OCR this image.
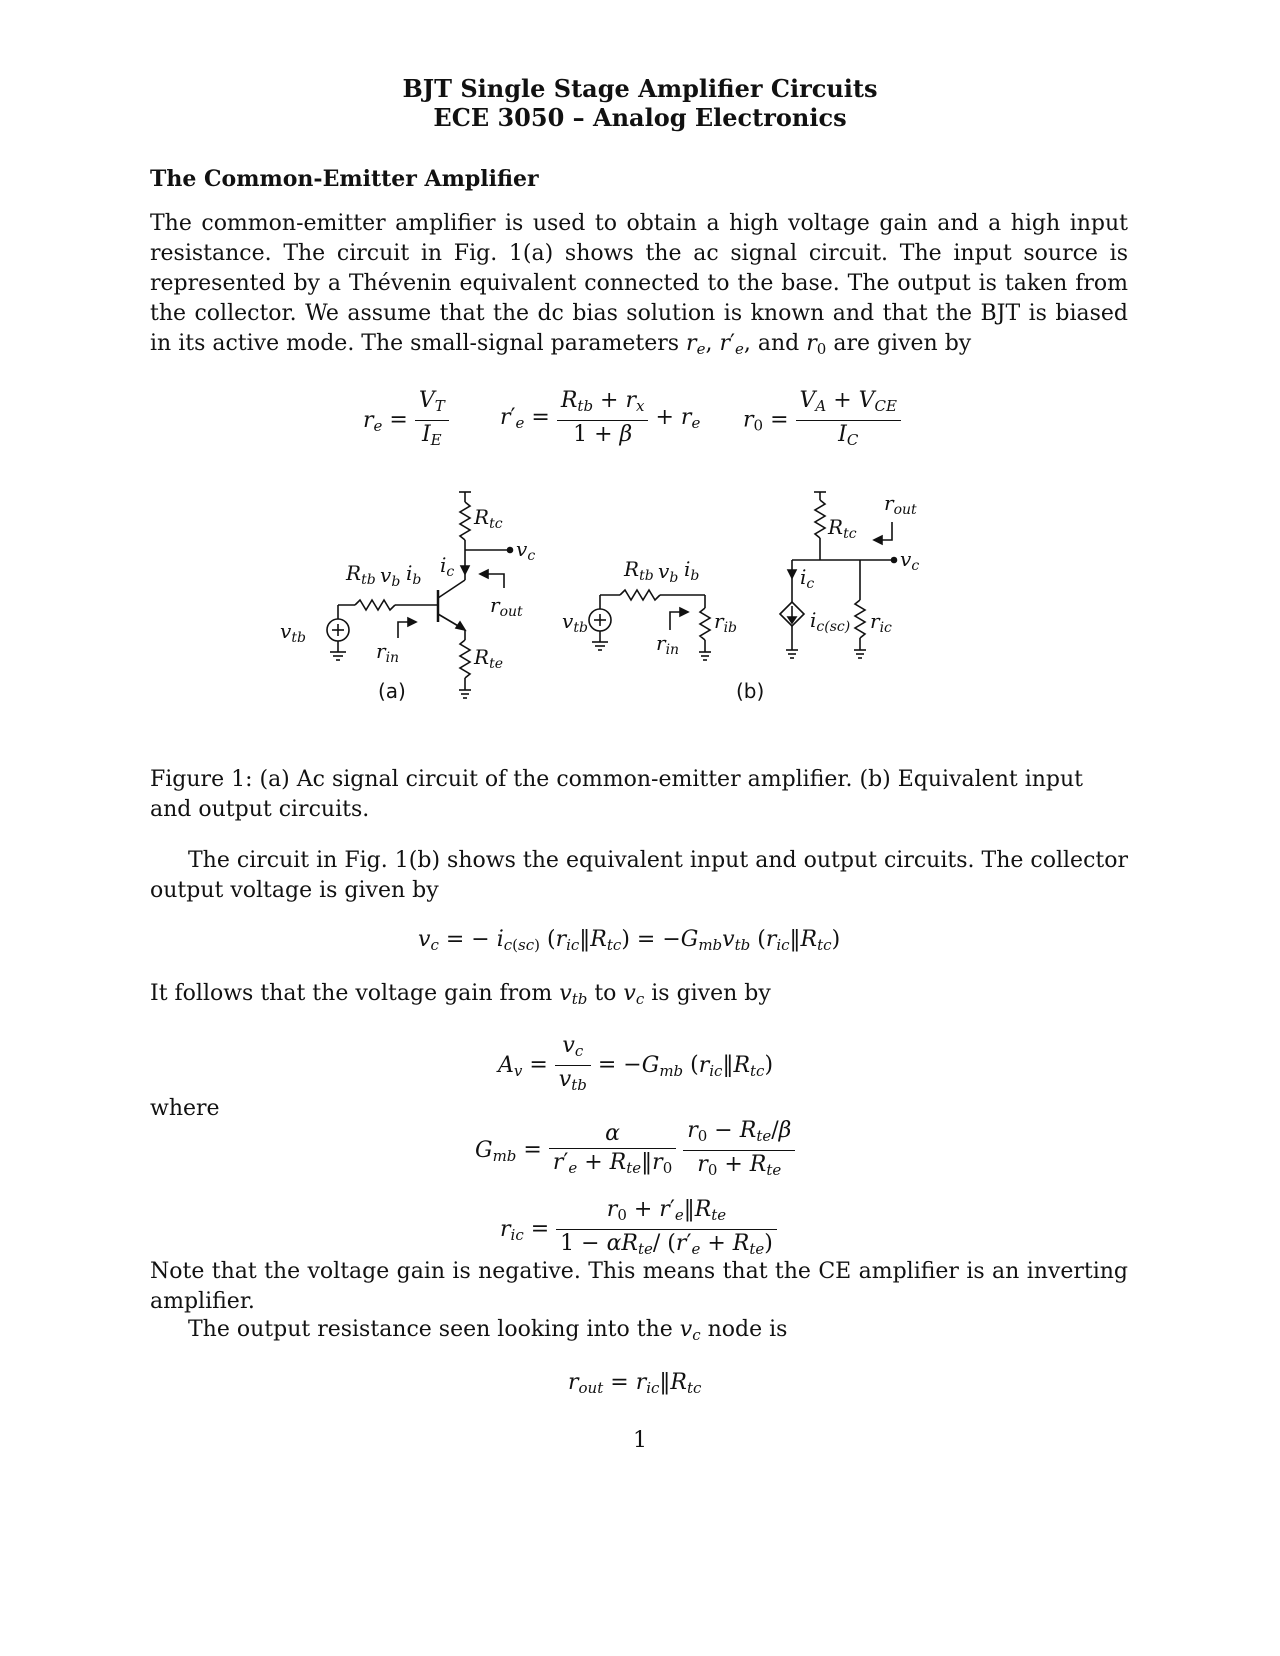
BJT Single Stage Amplifier Circuits
ECE 3050 – Analog Electronics
The Common-Emitter Amplifier
The common-emitter amplifier is used to obtain a high voltage gain and a high input resistance. The circuit in Fig. 1(a) shows the ac signal circuit. The input source is represented by a Thévenin equivalent connected to the base. The output is taken from the collector. We assume that the dc bias solution is known and that the BJT is biased in its active mode. The small-signal parameters $r_e$, $r'_e$, and $r_0$ are given by
$r_e = \frac{V_T}{I_E} r'_e = \frac{R_{tb} + r_x}{1 + \beta} + r_e$ $r_0 = \frac{V_A + V_{CE}}{I_C}$
$v_{tb}$
$R_{tb}$ $v_b$ $i_b$
$i_c$
$R_{tc}$
$v_c$
$r_{out}$
$r_{in}$	$R_{te}$
(a)
$v_{tb}$
$R_{tb}$ $v_b$ $i_b$
$r_{ib}$
$r_{in}$
$i_c$
$i_{c(sc)}$ $r_{ic}$
$R_{tc}$
$r_{out}$
$v_c$
(b)
Figure 1: (a) Ac signal circuit of the common-emitter amplifier. (b) Equivalent input and output circuits.
The circuit in Fig. 1(b) shows the equivalent input and output circuits. The collector output voltage is given by
$v_c$ = − $i_{c(sc)}$ $(r_{ic}‖R_{tc}) = -G_{mb}v_{tb}$ $(r_{ic}‖R_{tc})$
It follows that the voltage gain from $v_{tb}$ to $v_c$ is given by
$A_v = \frac{v_c}{v_{tb}} = -G_{mb}$ $(r_{ic}‖R_{tc})$
where
$G_{mb} = \frac{\alpha}{r'_e + R_{te}‖r_0}$
$\frac{r_0 - R_{te}/\beta}{r_0 + R_{te}}$
$r_{ic} = \frac{r_0 + r'_e‖R_{te}}{1 - \alpha R_{te}/ (r'_e + R_{te})}$
Note that the voltage gain is negative. This means that the CE amplifier is an inverting amplifier.
The output resistance seen looking into the $v_c$ node is
$r_{out}$ = $r_{ic}‖R_{tc}$
1
